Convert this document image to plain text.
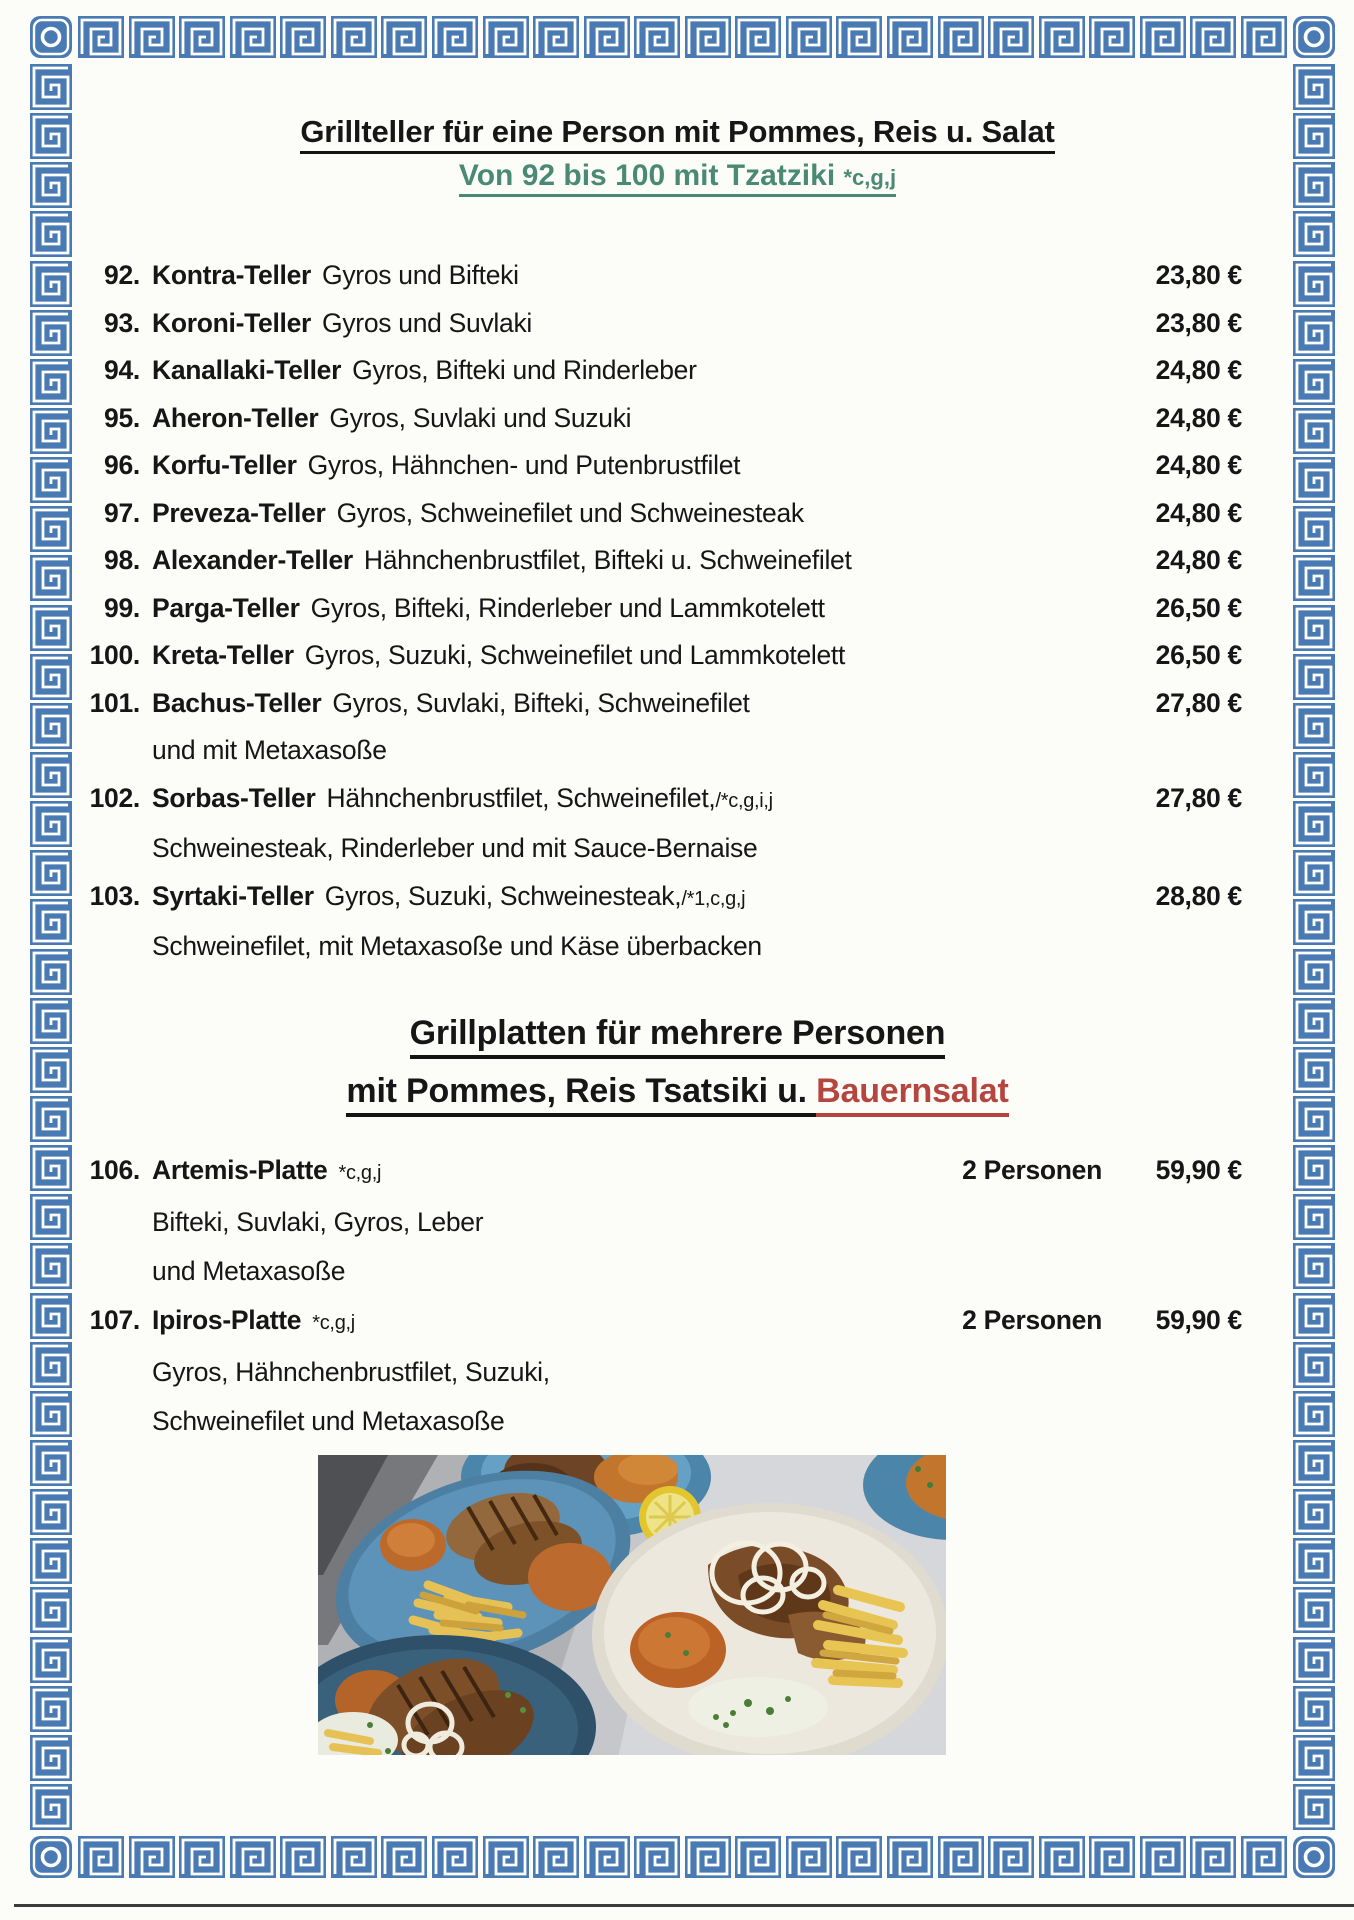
Grillteller für eine Person mit Pommes, Reis u. Salat
Von 92 bis 100 mit Tzatziki *c,g,j
92. Kontra-Teller Gyros und Bifteki	23,80 €
93. Koroni-Teller Gyros und Suvlaki	23,80 €
94. Kanallaki-Teller Gyros, Bifteki und Rinderleber	24,80 €
95. Aheron-Teller Gyros, Suvlaki und Suzuki	24,80 €
96. Korfu-Teller Gyros, Hähnchen- und Putenbrustfilet	24,80 €
97. Preveza-Teller Gyros, Schweinefilet und Schweinesteak	24,80 €
98. Alexander-Teller Hähnchenbrustfilet, Bifteki u. Schweinefilet	24,80 €
99. Parga-Teller Gyros, Bifteki, Rinderleber und Lammkotelett	26,50 €
100. Kreta-Teller Gyros, Suzuki, Schweinefilet und Lammkotelett	26,50 €
101. Bachus-Teller Gyros, Suvlaki, Bifteki, Schweinefilet	27,80 €
und mit Metaxasoße
102. Sorbas-Teller Hähnchenbrustfilet, Schweinefilet, /*c,g,i,j	27,80 €
Schweinesteak, Rinderleber und mit Sauce-Bernaise
103. Syrtaki-Teller Gyros, Suzuki, Schweinesteak, /*1,c,g,j	28,80 €
Schweinefilet, mit Metaxasoße und Käse überbacken
Grillplatten für mehrere Personen
mit Pommes, Reis Tsatsiki u. Bauernsalat
106. Artemis-Platte *c,g,j	2 Personen	59,90 €
Bifteki, Suvlaki, Gyros, Leber
und Metaxasoße
107. Ipiros-Platte *c,g,j	2 Personen	59,90 €
Gyros, Hähnchenbrustfilet, Suzuki,
Schweinefilet und Metaxasoße
